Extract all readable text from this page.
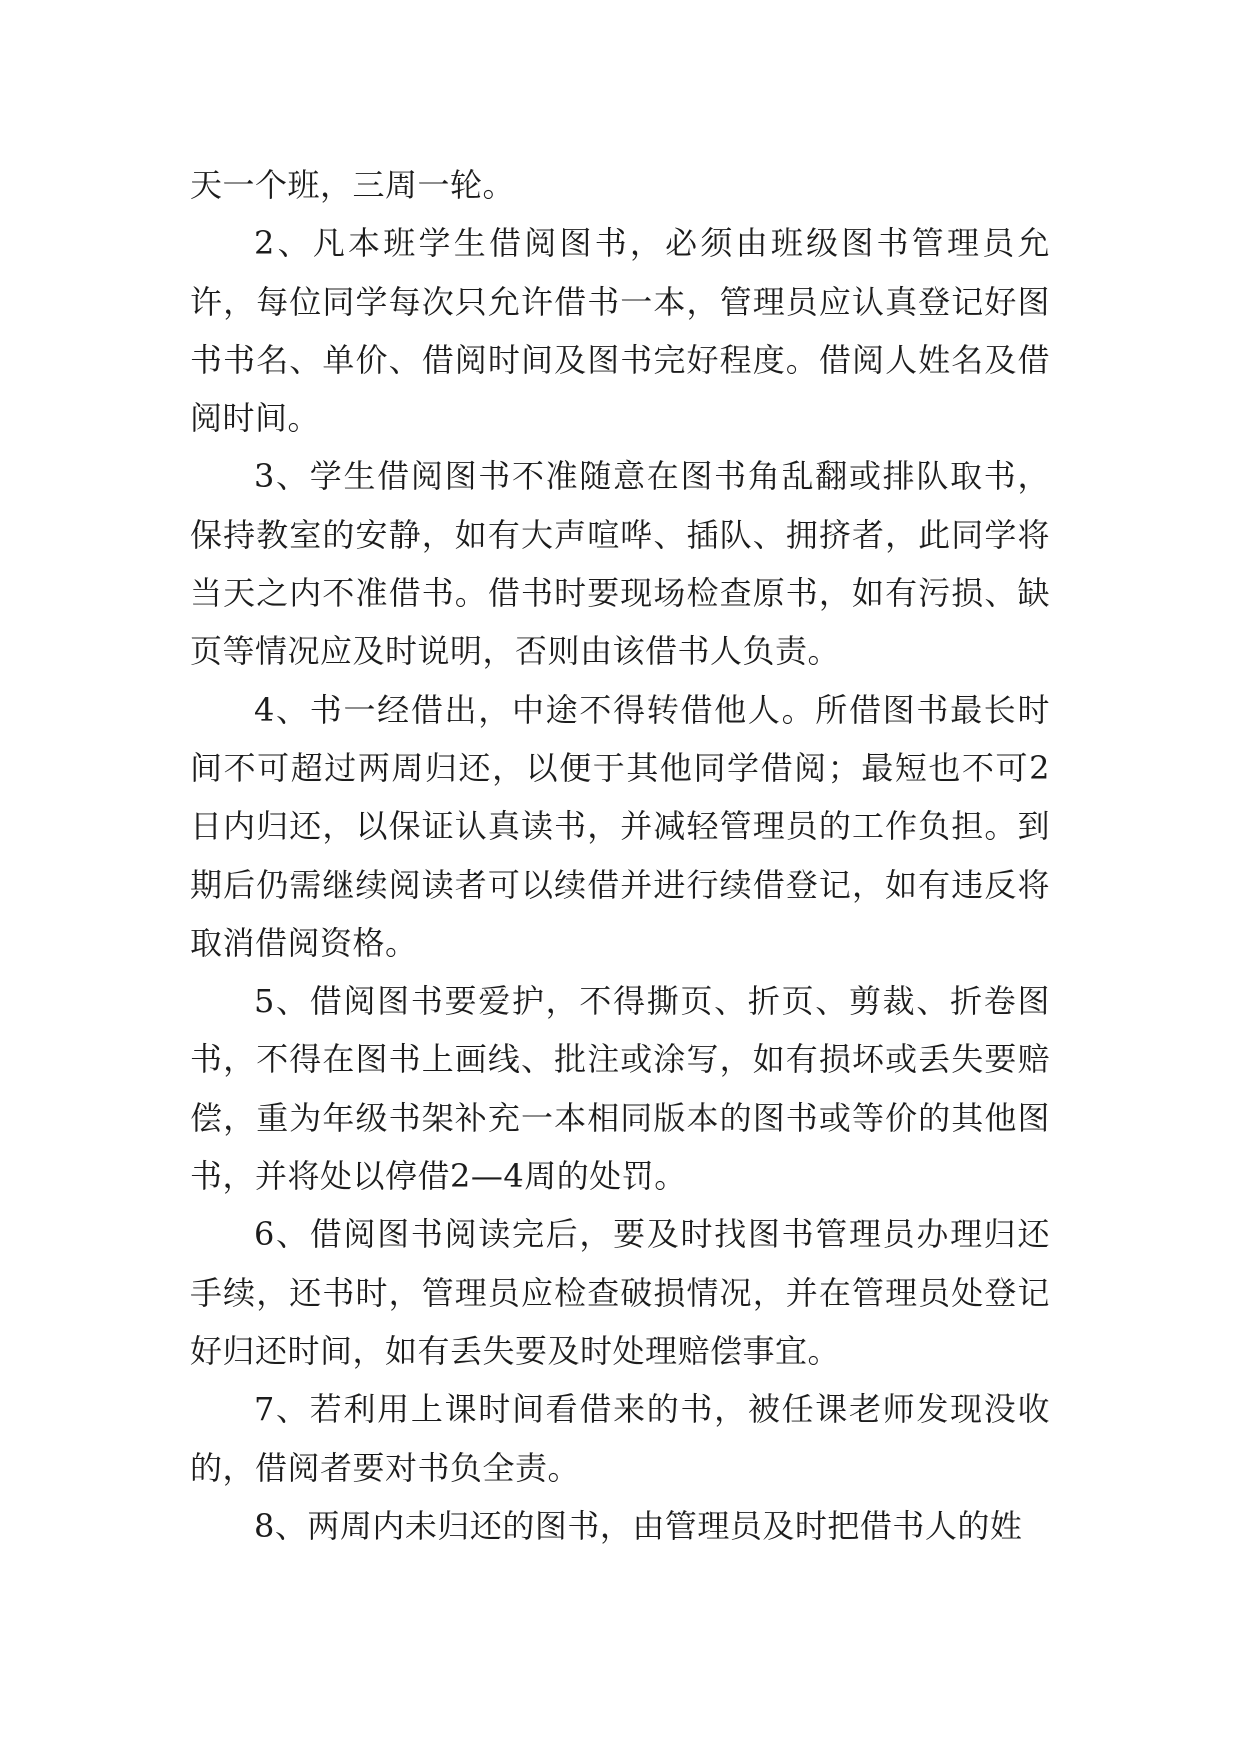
天一个班，三周一轮。

2、凡本班学生借阅图书，必须由班级图书管理员允许，每位同学每次只允许借书一本，管理员应认真登记好图书书名、单价、借阅时间及图书完好程度。借阅人姓名及借阅时间。

3、学生借阅图书不准随意在图书角乱翻或排队取书，保持教室的安静，如有大声喧哗、插队、拥挤者，此同学将当天之内不准借书。借书时要现场检查原书，如有污损、缺页等情况应及时说明，否则由该借书人负责。

4、书一经借出，中途不得转借他人。所借图书最长时间不可超过两周归还，以便于其他同学借阅；最短也不可2日内归还，以保证认真读书，并减轻管理员的工作负担。到期后仍需继续阅读者可以续借并进行续借登记，如有违反将取消借阅资格。

5、借阅图书要爱护，不得撕页、折页、剪裁、折卷图书，不得在图书上画线、批注或涂写，如有损坏或丢失要赔偿，重为年级书架补充一本相同版本的图书或等价的其他图书，并将处以停借2—4周的处罚。

6、借阅图书阅读完后，要及时找图书管理员办理归还手续，还书时，管理员应检查破损情况，并在管理员处登记好归还时间，如有丢失要及时处理赔偿事宜。

7、若利用上课时间看借来的书，被任课老师发现没收的，借阅者要对书负全责。

8、两周内未归还的图书，由管理员及时把借书人的姓
